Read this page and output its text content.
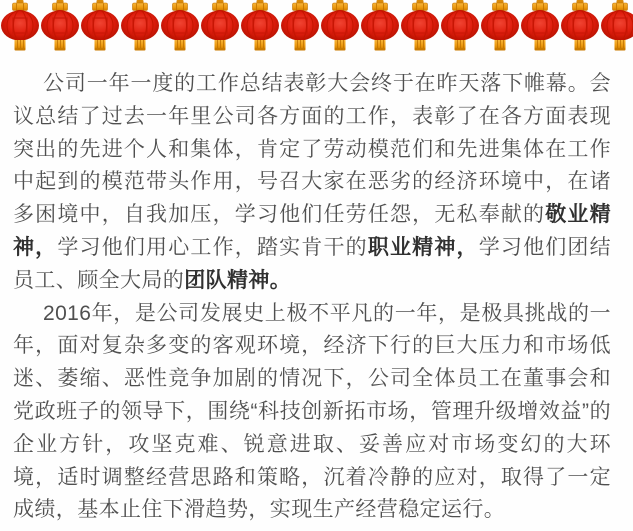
公司一年一度的工作总结表彰大会终于在昨天落下帷幕。会议总结了过去一年里公司各方面的工作，表彰了在各方面表现突出的先进个人和集体，肯定了劳动模范们和先进集体在工作中起到的模范带头作用，号召大家在恶劣的经济环境中，在诸多困境中，自我加压，学习他们任劳任怨，无私奉献的敬业精神，学习他们用心工作，踏实肯干的职业精神，学习他们团结员工、顾全大局的团队精神。

2016年，是公司发展史上极不平凡的一年，是极具挑战的一年，面对复杂多变的客观环境，经济下行的巨大压力和市场低迷、萎缩、恶性竞争加剧的情况下，公司全体员工在董事会和党政班子的领导下，围绕“科技创新拓市场，管理升级增效益”的企业方针，攻坚克难、锐意进取、妥善应对市场变幻的大环境，适时调整经营思路和策略，沉着冷静的应对，取得了一定成绩，基本止住下滑趋势，实现生产经营稳定运行。
